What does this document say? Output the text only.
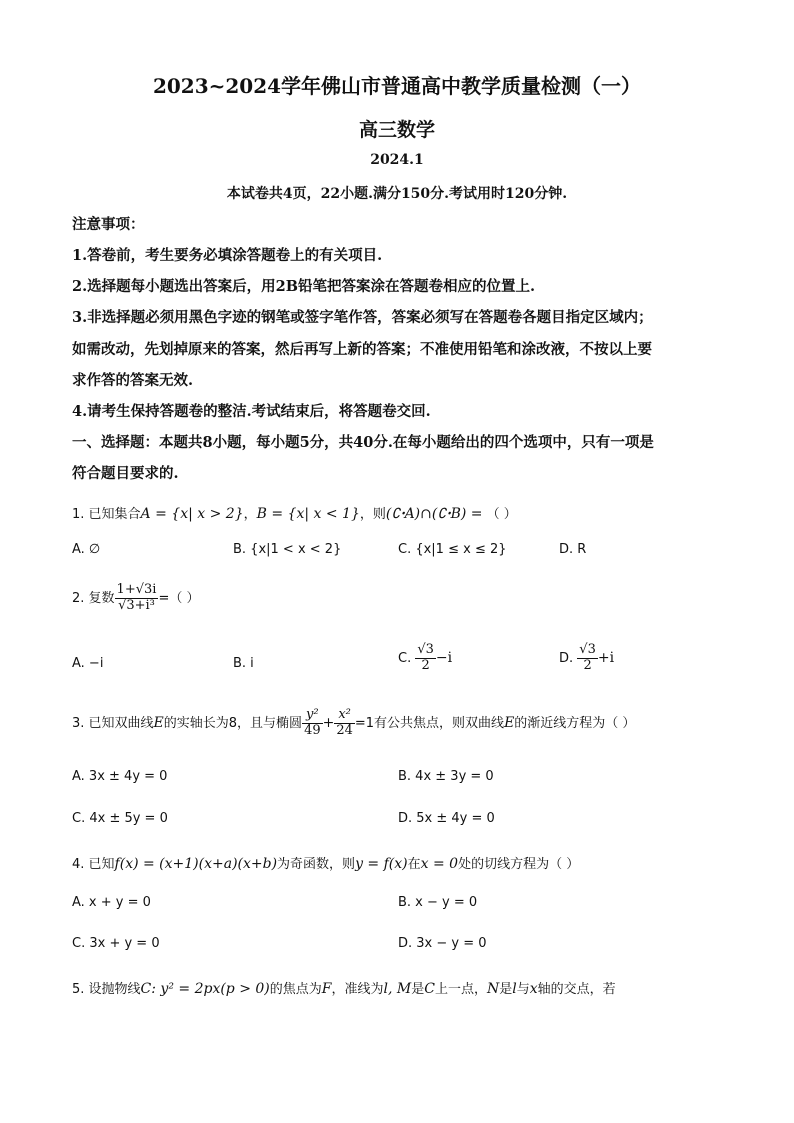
2023~2024学年佛山市普通高中教学质量检测（一）
高三数学
2024.1
本试卷共4页，22小题.满分150分.考试用时120分钟.
注意事项：
1.答卷前，考生要务必填涂答题卷上的有关项目.
2.选择题每小题选出答案后，用2B铅笔把答案涂在答题卷相应的位置上.
3.非选择题必须用黑色字迹的钢笔或签字笔作答，答案必须写在答题卷各题目指定区域内；
如需改动，先划掉原来的答案，然后再写上新的答案；不准使用铅笔和涂改液，不按以上要
求作答的答案无效.
4.请考生保持答题卷的整洁.考试结束后，将答题卷交回.
一、选择题：本题共8小题，每小题5分，共40分.在每小题给出的四个选项中，只有一项是
符合题目要求的.
1. 已知集合A = {x| x > 2}，B = {x| x < 1}，则(∁ꞏA)∩(∁ꞏB) = （ ）
A. ∅	B. {x|1 < x < 2}	C. {x|1 ≤ x ≤ 2}	D. R
2. 复数 $\frac{1+√3i}{\text{√3+i³}}$ =（ ）
A. −i	B. i	C. $\frac{√3}{2} -i$	D. $\frac{√3}{2} +i$
3. 已知双曲线E的实轴长为8，且与椭圆 $\frac{\text{y²}}{49} + \frac{\text{x²}}{24} =1$有公共焦点，则双曲线E的渐近线方程为（ ）
A. 3x ± 4y = 0	B. 4x ± 3y = 0
C. 4x ± 5y = 0	D. 5x ± 4y = 0
4. 已知f(x) = (x+1)(x+a)(x+b)为奇函数，则y = f(x)在x = 0处的切线方程为（ ）
A. x + y = 0	B. x − y = 0
C. 3x + y = 0	D. 3x − y = 0
5. 设抛物线C: y² = 2px(p > 0)的焦点为F，准线为l, M是C上一点，N是l与x轴的交点，若
